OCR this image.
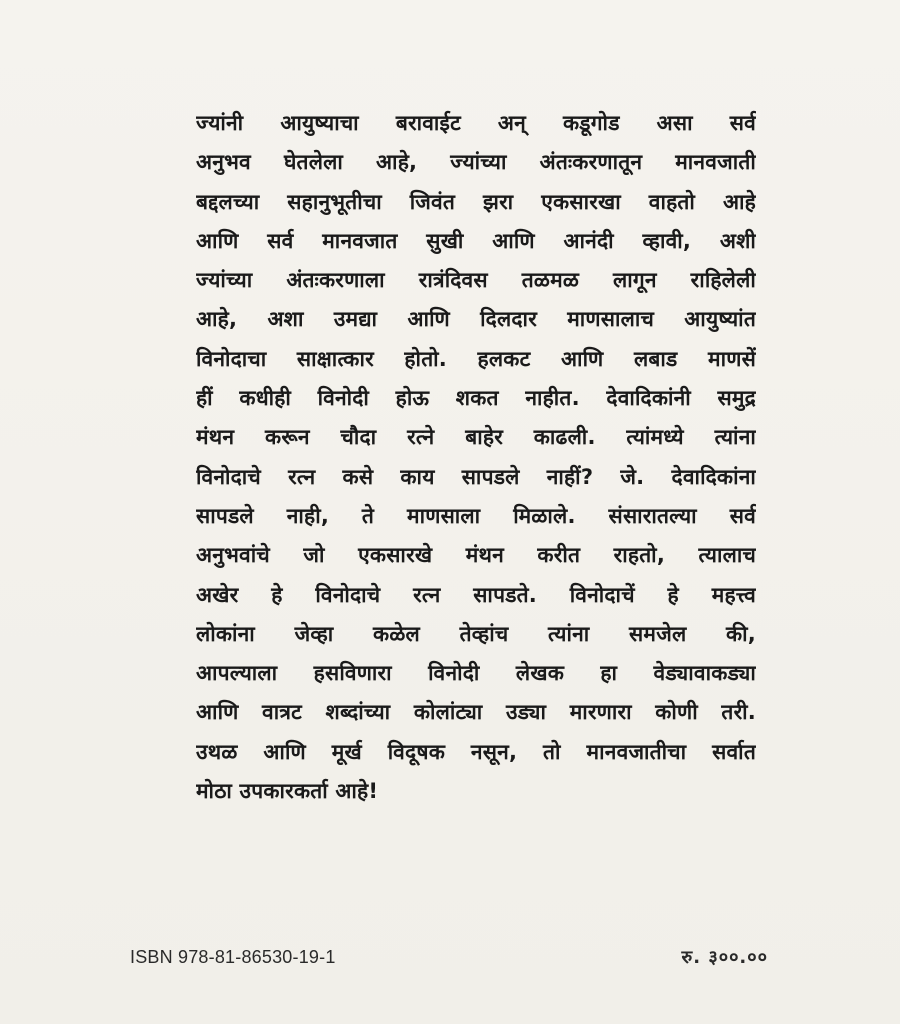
ज्यांनी आयुष्याचा बरावाईट अन् कडूगोड असा सर्व
अनुभव घेतलेला आहे, ज्यांच्या अंतःकरणातून मानवजाती
बद्दलच्या सहानुभूतीचा जिवंत झरा एकसारखा वाहतो आहे
आणि सर्व मानवजात सुखी आणि आनंदी व्हावी, अशी
ज्यांच्या अंतःकरणाला रात्रंदिवस तळमळ लागून राहिलेली
आहे, अशा उमद्या आणि दिलदार माणसालाच आयुष्यांत
विनोदाचा साक्षात्कार होतो. हलकट आणि लबाड माणसें
हीं कधीही विनोदी होऊ शकत नाहीत. देवादिकांनी समुद्र
मंथन करून चौदा रत्ने बाहेर काढली. त्यांमध्ये त्यांना
विनोदाचे रत्न कसे काय सापडले नाहीं? जे. देवादिकांना
सापडले नाही, ते माणसाला मिळाले. संसारातल्या सर्व
अनुभवांचे जो एकसारखे मंथन करीत राहतो, त्यालाच
अखेर हे विनोदाचे रत्न सापडते. विनोदाचें हे महत्त्व
लोकांना जेव्हा कळेल तेव्हांच त्यांना समजेल की,
आपल्याला हसविणारा विनोदी लेखक हा वेड्यावाकड्या
आणि वात्रट शब्दांच्या कोलांट्या उड्या मारणारा कोणी तरी.
उथळ आणि मूर्ख विदूषक नसून, तो मानवजातीचा सर्वात
मोठा उपकारकर्ता आहे!
ISBN 978-81-86530-19-1	रु. ३००.००
